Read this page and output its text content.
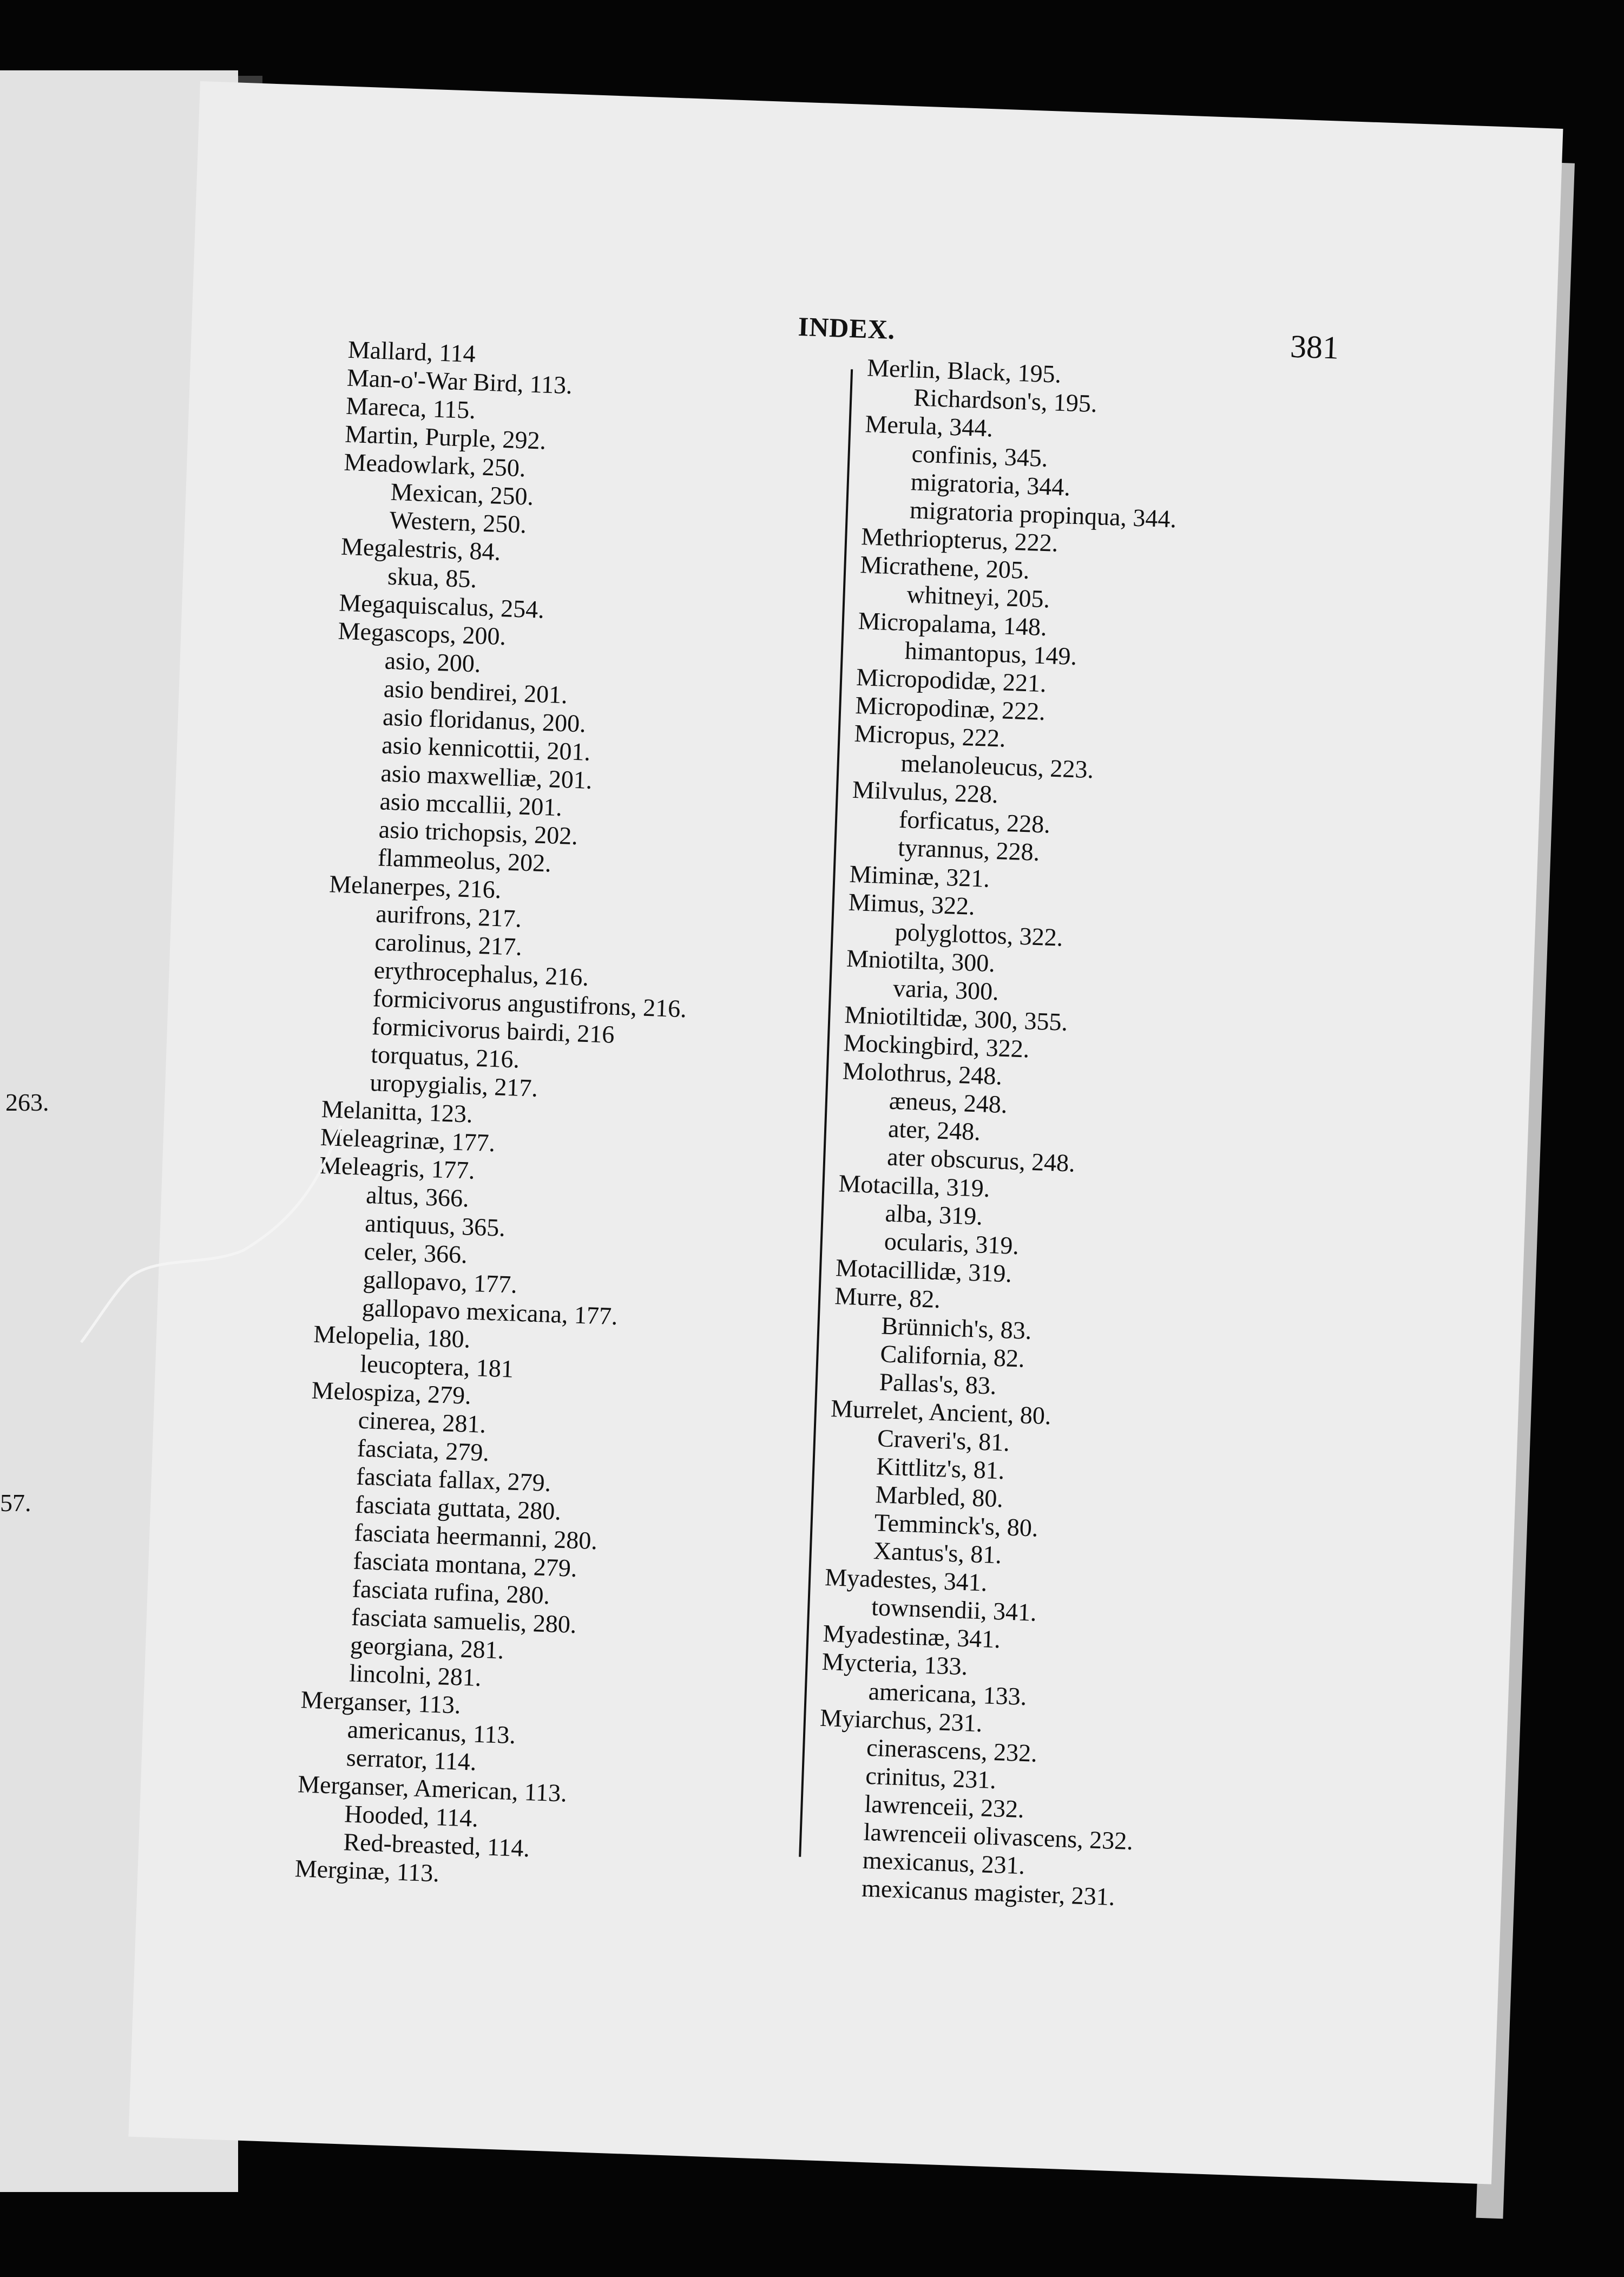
263.
57.
INDEX.
381
Mallard, 114
Man-o'-War Bird, 113.
Mareca, 115.
Martin, Purple, 292.
Meadowlark, 250.
Mexican, 250.
Western, 250.
Megalestris, 84.
skua, 85.
Megaquiscalus, 254.
Megascops, 200.
asio, 200.
asio bendirei, 201.
asio floridanus, 200.
asio kennicottii, 201.
asio maxwelliæ, 201.
asio mccallii, 201.
asio trichopsis, 202.
flammeolus, 202.
Melanerpes, 216.
aurifrons, 217.
carolinus, 217.
erythrocephalus, 216.
formicivorus angustifrons, 216.
formicivorus bairdi, 216
torquatus, 216.
uropygialis, 217.
Melanitta, 123.
Meleagrinæ, 177.
Meleagris, 177.
altus, 366.
antiquus, 365.
celer, 366.
gallopavo, 177.
gallopavo mexicana, 177.
Melopelia, 180.
leucoptera, 181
Melospiza, 279.
cinerea, 281.
fasciata, 279.
fasciata fallax, 279.
fasciata guttata, 280.
fasciata heermanni, 280.
fasciata montana, 279.
fasciata rufina, 280.
fasciata samuelis, 280.
georgiana, 281.
lincolni, 281.
Merganser, 113.
americanus, 113.
serrator, 114.
Merganser, American, 113.
Hooded, 114.
Red-breasted, 114.
Merginæ, 113.
Merlin, Black, 195.
Richardson's, 195.
Merula, 344.
confinis, 345.
migratoria, 344.
migratoria propinqua, 344.
Methriopterus, 222.
Micrathene, 205.
whitneyi, 205.
Micropalama, 148.
himantopus, 149.
Micropodidæ, 221.
Micropodinæ, 222.
Micropus, 222.
melanoleucus, 223.
Milvulus, 228.
forficatus, 228.
tyrannus, 228.
Miminæ, 321.
Mimus, 322.
polyglottos, 322.
Mniotilta, 300.
varia, 300.
Mniotiltidæ, 300, 355.
Mockingbird, 322.
Molothrus, 248.
æneus, 248.
ater, 248.
ater obscurus, 248.
Motacilla, 319.
alba, 319.
ocularis, 319.
Motacillidæ, 319.
Murre, 82.
Brünnich's, 83.
California, 82.
Pallas's, 83.
Murrelet, Ancient, 80.
Craveri's, 81.
Kittlitz's, 81.
Marbled, 80.
Temminck's, 80.
Xantus's, 81.
Myadestes, 341.
townsendii, 341.
Myadestinæ, 341.
Mycteria, 133.
americana, 133.
Myiarchus, 231.
cinerascens, 232.
crinitus, 231.
lawrenceii, 232.
lawrenceii olivascens, 232.
mexicanus, 231.
mexicanus magister, 231.
